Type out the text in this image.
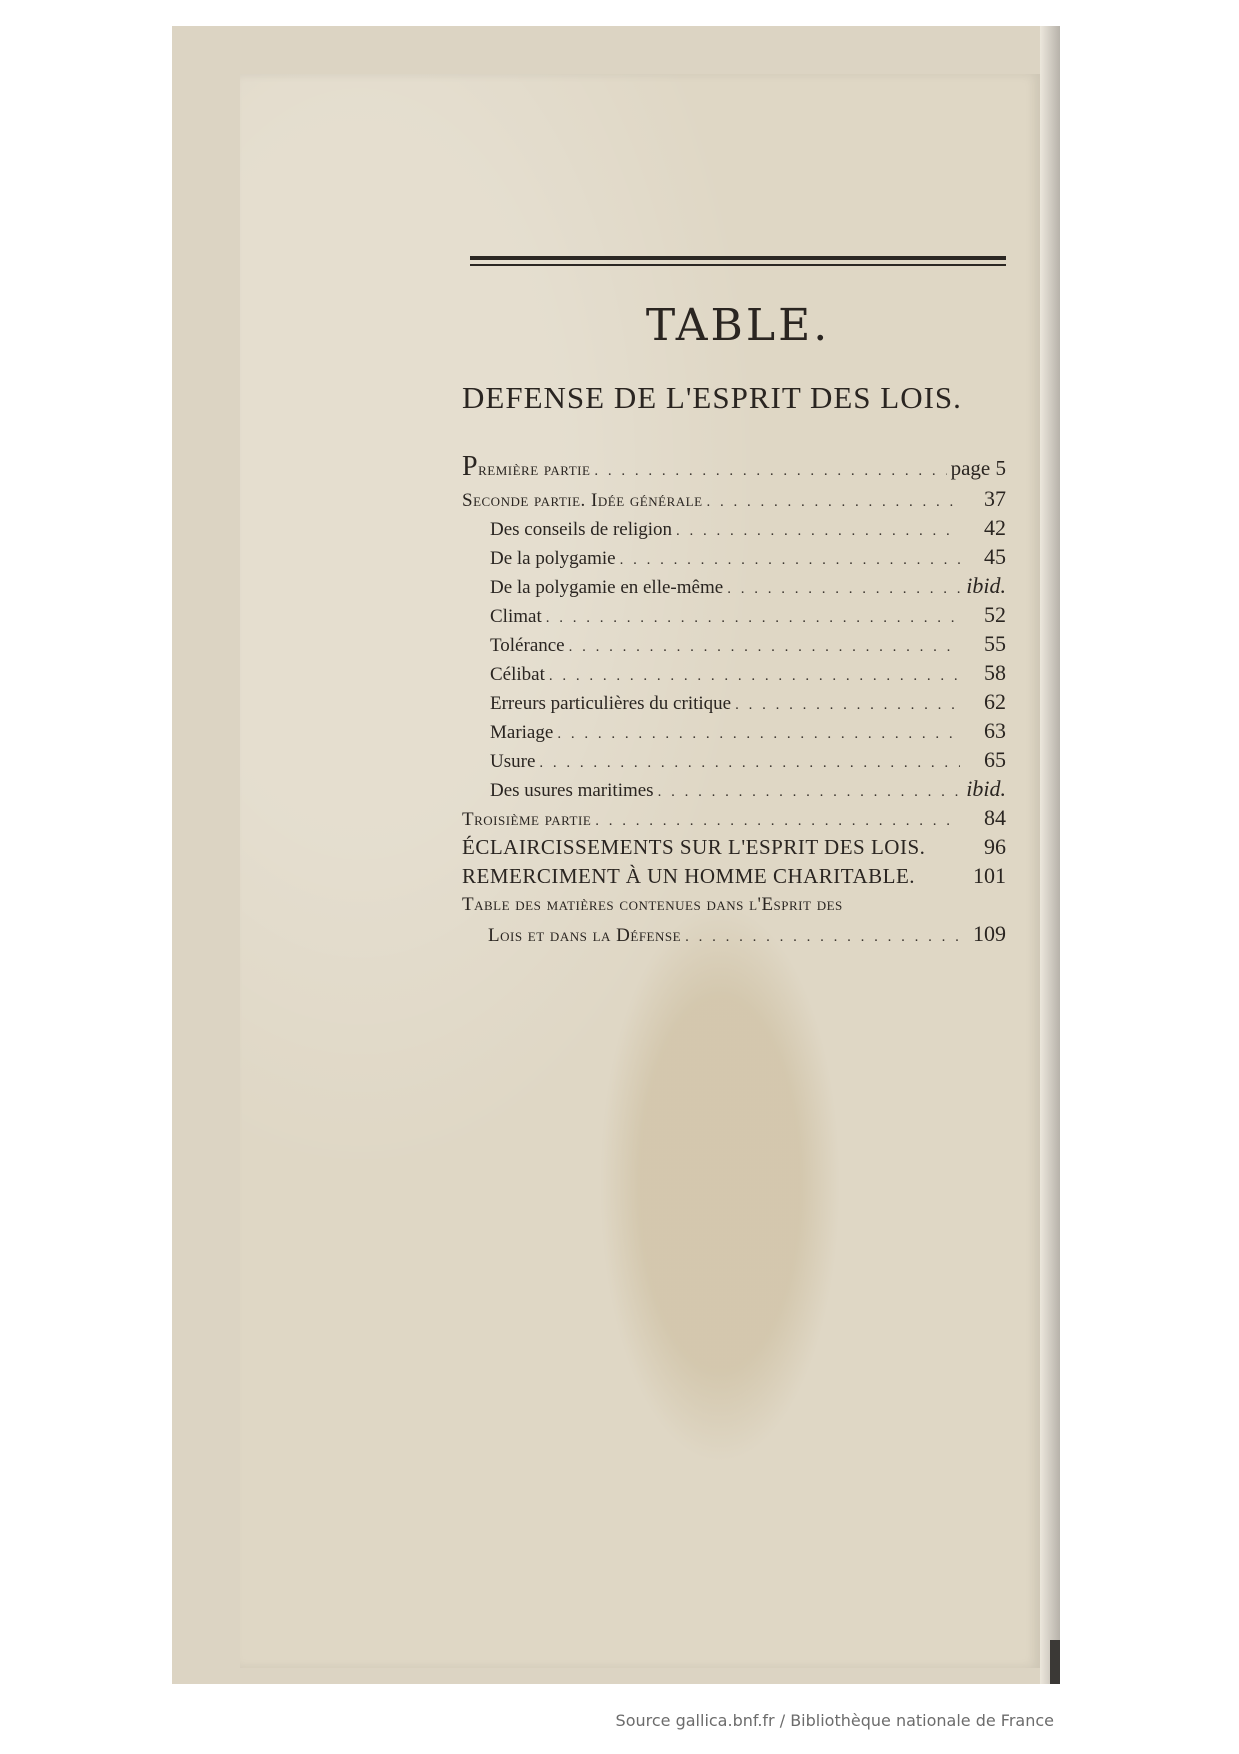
TABLE.
DEFENSE DE L'ESPRIT DES LOIS.
Première partie . . .	page 5
Seconde partie. Idée générale . . .	37
Des conseils de religion . . .	42
De la polygamie . . .	45
De la polygamie en elle-même . . .	ibid.
Climat . . .	52
Tolérance . . .	55
Célibat . . .	58
Erreurs particulières du critique . . .	62
Mariage . . .	63
Usure . . .	65
Des usures maritimes . . .	ibid.
Troisième partie . . .	84
ÉCLAIRCISSEMENTS SUR L'ESPRIT DES LOIS.	96
REMERCIMENT À UN HOMME CHARITABLE.	101
Table des matières contenues dans l'Esprit des
Lois et dans la Défense . . .	109
Source gallica.bnf.fr / Bibliothèque nationale de France
